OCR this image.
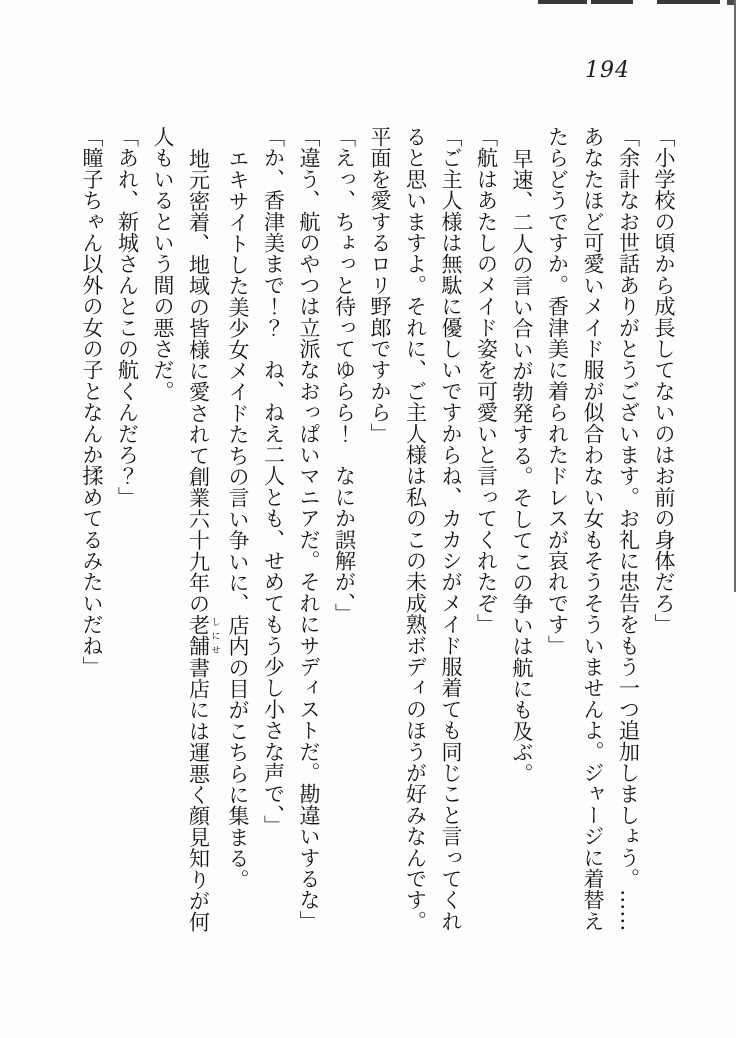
194
「小学校の頃から成長してないのはお前の身体だろ」
「余計なお世話ありがとうございます。お礼に忠告をもう一つ追加しましょう。……
あなたほど可愛いメイド服が似合わない女もそうそういませんよ。ジャージに着替え
たらどうですか。香津美に着られたドレスが哀れです」
早速、二人の言い合いが勃発する。そしてこの争いは航にも及ぶ。
「航はあたしのメイド姿を可愛いと言ってくれたぞ」
「ご主人様は無駄に優しいですからね、カカシがメイド服着ても同じこと言ってくれ
ると思いますよ。それに、ご主人様は私のこの未成熟ボディのほうが好みなんです。
平面を愛するロリ野郎ですから」
「えっ、ちょっと待ってゆらら！　なにか誤解が、」
「違う、航のやつは立派なおっぱいマニアだ。それにサディストだ。勘違いするな」
「か、香津美まで！？　ね、ねえ二人とも、せめてもう少し小さな声で、」
エキサイトした美少女メイドたちの言い争いに、店内の目がこちらに集まる。
地元密着、地域の皆様に愛されて創業六十九年の老舗 しにせ書店には運悪く顔見知りが何
人もいるという間の悪さだ。
「あれ、新城さんとこの航くんだろ？」
「瞳子ちゃん以外の女の子となんか揉めてるみたいだね」
